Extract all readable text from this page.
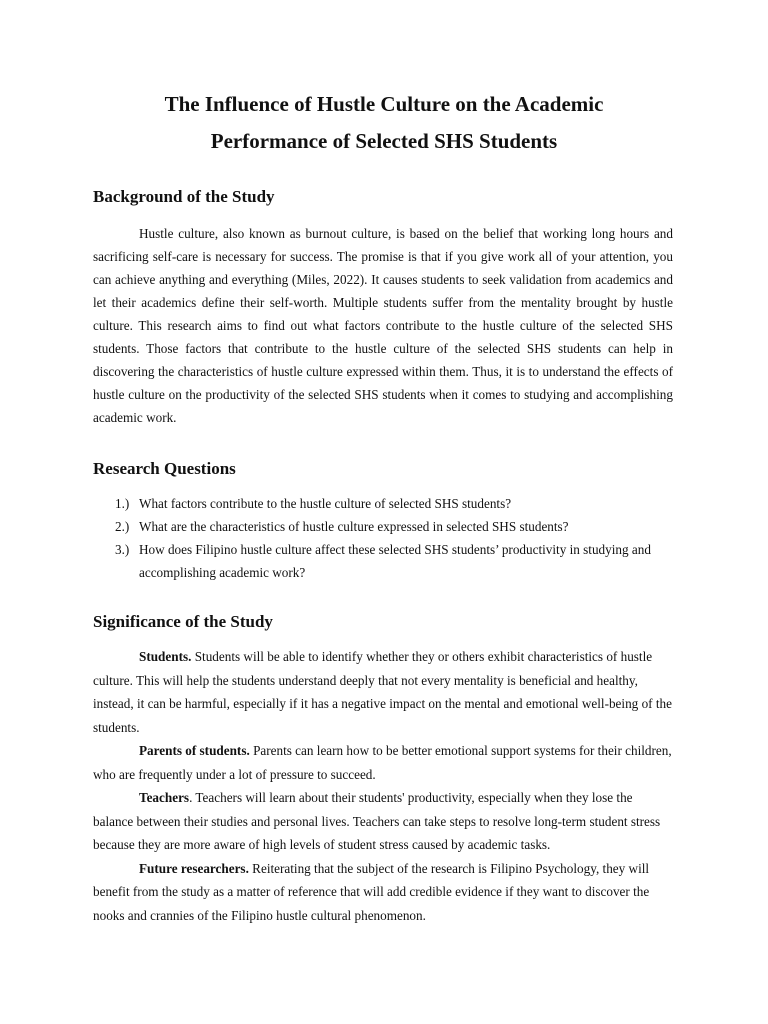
The Influence of Hustle Culture on the Academic
Performance of Selected SHS Students
Background of the Study

Hustle culture, also known as burnout culture, is based on the belief that working long hours and sacrificing self-care is necessary for success. The promise is that if you give work all of your attention, you can achieve anything and everything (Miles, 2022). It causes students to seek validation from academics and let their academics define their self-worth. Multiple students suffer from the mentality brought by hustle culture. This research aims to find out what factors contribute to the hustle culture of the selected SHS students. Those factors that contribute to the hustle culture of the selected SHS students can help in discovering the characteristics of hustle culture expressed within them. Thus, it is to understand the effects of hustle culture on the productivity of the selected SHS students when it comes to studying and accomplishing academic work.

Research Questions
1.) What factors contribute to the hustle culture of selected SHS students?
2.) What are the characteristics of hustle culture expressed in selected SHS students?
3.) How does Filipino hustle culture affect these selected SHS students’ productivity in studying and accomplishing academic work?
Significance of the Study

Students. Students will be able to identify whether they or others exhibit characteristics of hustle culture. This will help the students understand deeply that not every mentality is beneficial and healthy, instead, it can be harmful, especially if it has a negative impact on the mental and emotional well-being of the students.

Parents of students. Parents can learn how to be better emotional support systems for their children, who are frequently under a lot of pressure to succeed.

Teachers. Teachers will learn about their students' productivity, especially when they lose the balance between their studies and personal lives. Teachers can take steps to resolve long-term student stress because they are more aware of high levels of student stress caused by academic tasks.

Future researchers. Reiterating that the subject of the research is Filipino Psychology, they will benefit from the study as a matter of reference that will add credible evidence if they want to discover the nooks and crannies of the Filipino hustle cultural phenomenon.
